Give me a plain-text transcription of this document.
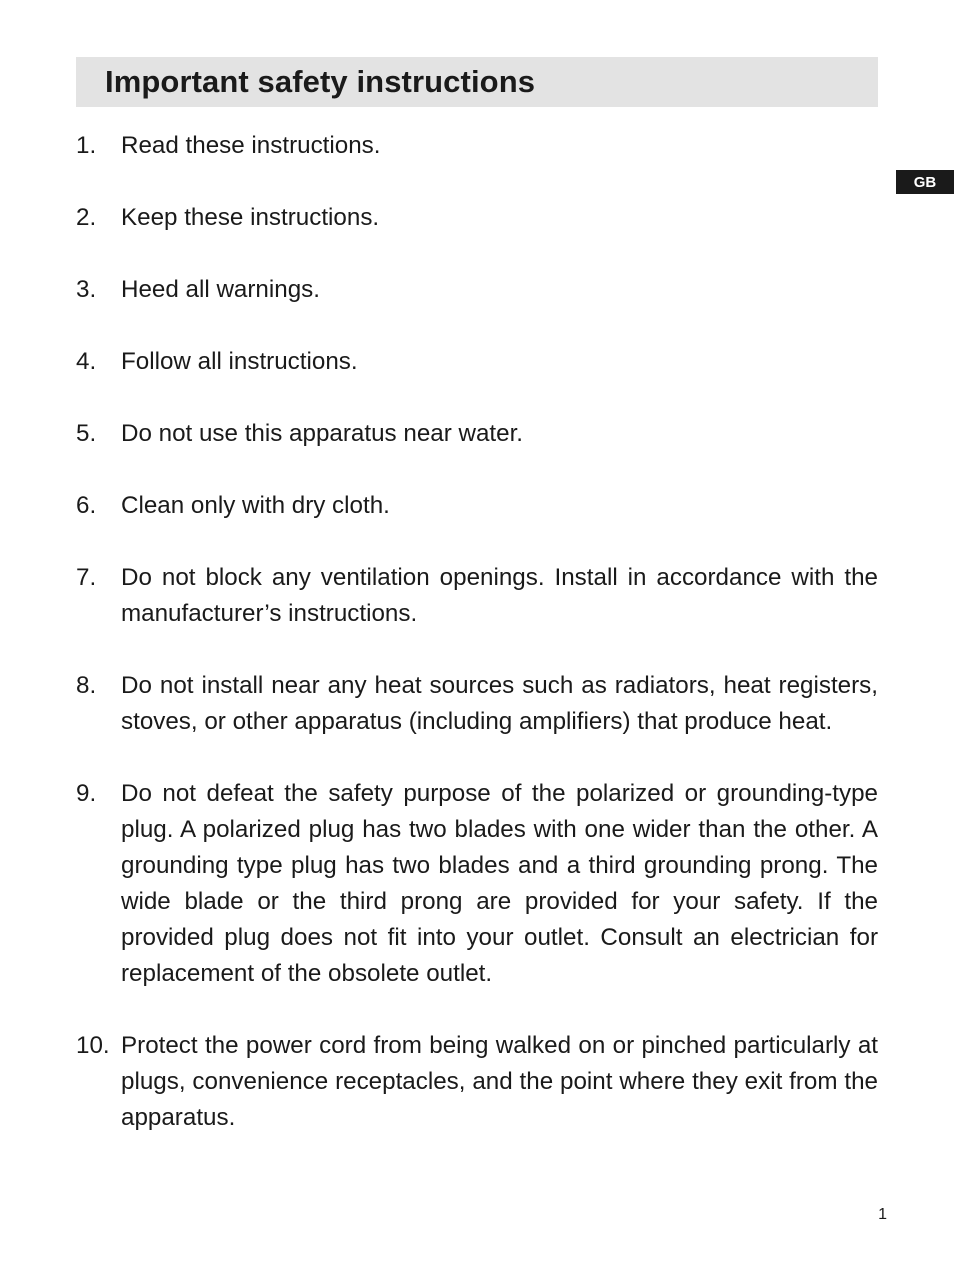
Important safety instructions
GB
1.	Read these instructions.
2.	Keep these instructions.
3.	Heed all warnings.
4.	Follow all instructions.
5.	Do not use this apparatus near water.
6.	Clean only with dry cloth.
7.	Do not block any ventilation openings. Install in accordance with the manufacturer’s instructions.
8.	Do not install near any heat sources such as radiators, heat registers, stoves, or other apparatus (including amplifiers) that produce heat.
9.	Do not defeat the safety purpose of the polarized or grounding-type plug. A polarized plug has two blades with one wider than the other. A grounding type plug has two blades and a third grounding prong. The wide blade or the third prong are provided for your safety. If the provided plug does not fit into your outlet. Consult an electrician for replacement of the obsolete outlet.
10. Protect the power cord from being walked on or pinched particularly at plugs, convenience receptacles, and the point where they exit from the apparatus.
1
